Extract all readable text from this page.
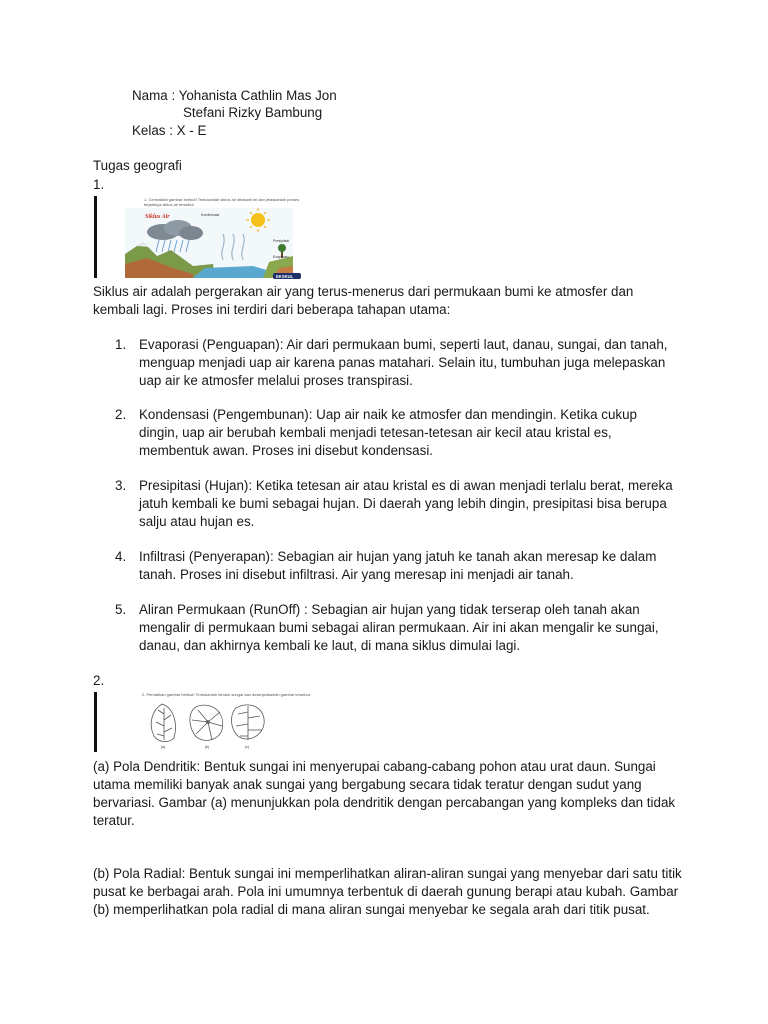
Nama : Yohanista Cathlin Mas Jon
Stefani Rizky Bambung
Kelas : X - E
Tugas geografi
1.
1. Cermatilah gambar berikut! Tentukanlah siklus air dibawah ini dan jelaskanlah proses terjadinya siklus air tersebut.
Siklus Air	Kondensasi
Presipitasi
Evaporasi
EKSKUL
Siklus air adalah pergerakan air yang terus-menerus dari permukaan bumi ke atmosfer dan kembali lagi. Proses ini terdiri dari beberapa tahapan utama:
1. Evaporasi (Penguapan): Air dari permukaan bumi, seperti laut, danau, sungai, dan tanah, menguap menjadi uap air karena panas matahari. Selain itu, tumbuhan juga melepaskan uap air ke atmosfer melalui proses transpirasi.
2. Kondensasi (Pengembunan): Uap air naik ke atmosfer dan mendingin. Ketika cukup dingin, uap air berubah kembali menjadi tetesan-tetesan air kecil atau kristal es, membentuk awan. Proses ini disebut kondensasi.
3. Presipitasi (Hujan): Ketika tetesan air atau kristal es di awan menjadi terlalu berat, mereka jatuh kembali ke bumi sebagai hujan. Di daerah yang lebih dingin, presipitasi bisa berupa salju atau hujan es.
4. Infiltrasi (Penyerapan): Sebagian air hujan yang jatuh ke tanah akan meresap ke dalam tanah. Proses ini disebut infiltrasi. Air yang meresap ini menjadi air tanah.
5. Aliran Permukaan (RunOff) : Sebagian air hujan yang tidak terserap oleh tanah akan mengalir di permukaan bumi sebagai aliran permukaan. Air ini akan mengalir ke sungai, danau, dan akhirnya kembali ke laut, di mana siklus dimulai lagi.
2.
2. Perhatikan gambar berikut! Tentukanlah bentuk sungai dan deskripsikanlah gambar tersebut.
(a)	(b)	(c)
(a) Pola Dendritik: Bentuk sungai ini menyerupai cabang-cabang pohon atau urat daun. Sungai utama memiliki banyak anak sungai yang bergabung secara tidak teratur dengan sudut yang bervariasi. Gambar (a) menunjukkan pola dendritik dengan percabangan yang kompleks dan tidak teratur.
(b) Pola Radial: Bentuk sungai ini memperlihatkan aliran-aliran sungai yang menyebar dari satu titik pusat ke berbagai arah. Pola ini umumnya terbentuk di daerah gunung berapi atau kubah. Gambar (b) memperlihatkan pola radial di mana aliran sungai menyebar ke segala arah dari titik pusat.
